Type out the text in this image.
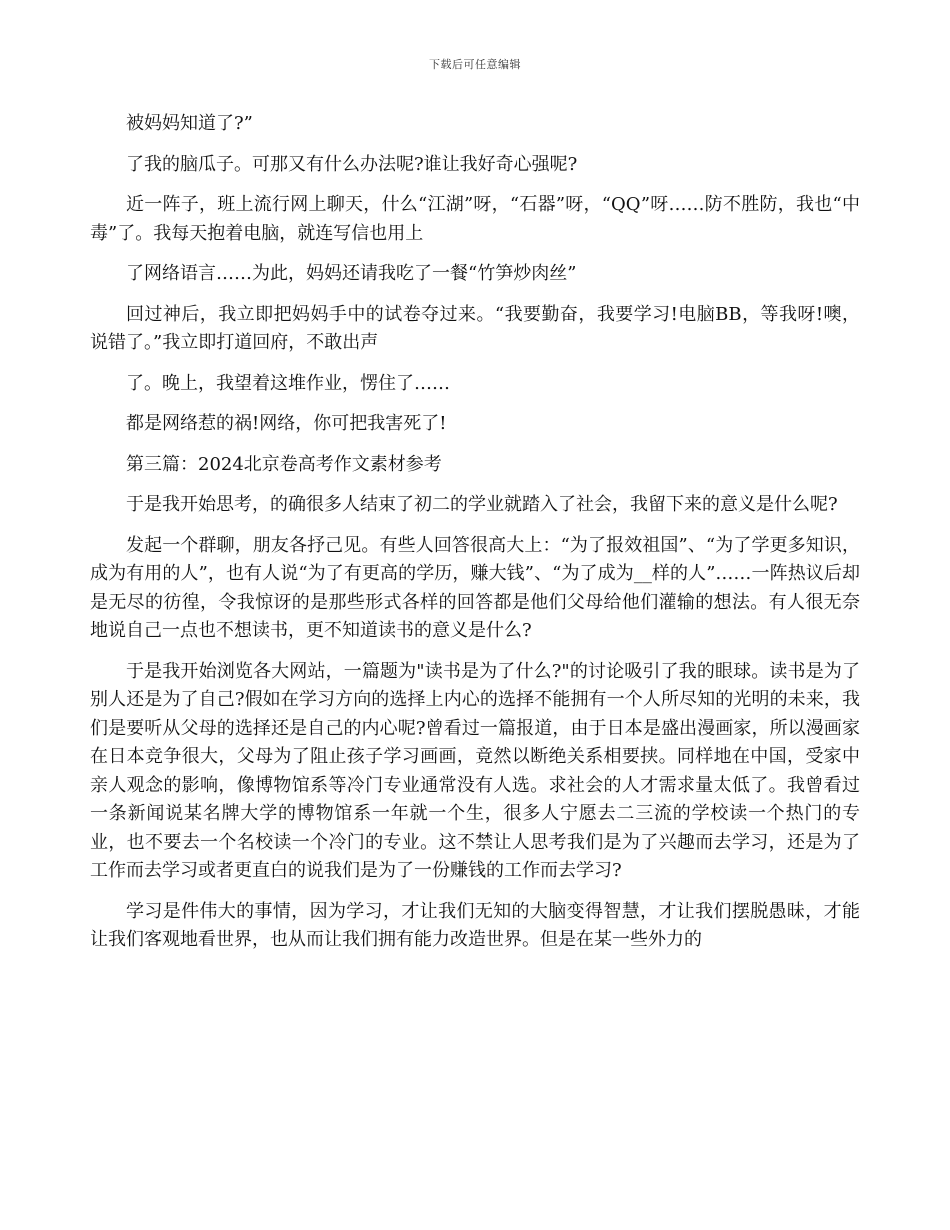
下载后可任意编辑

被妈妈知道了?”

了我的脑瓜子。可那又有什么办法呢?谁让我好奇心强呢?

近一阵子，班上流行网上聊天，什么“江湖”呀，“石器”呀，“QQ”呀……防不胜防，我也“中毒”了。我每天抱着电脑，就连写信也用上

了网络语言……为此，妈妈还请我吃了一餐“竹笋炒肉丝”

回过神后，我立即把妈妈手中的试卷夺过来。“我要勤奋，我要学习!电脑BB，等我呀!噢，说错了。”我立即打道回府，不敢出声

了。晚上，我望着这堆作业，愣住了……

都是网络惹的祸!网络，你可把我害死了!

第三篇：2024北京卷高考作文素材参考

于是我开始思考，的确很多人结束了初二的学业就踏入了社会，我留下来的意义是什么呢?

发起一个群聊，朋友各抒己见。有些人回答很高大上：“为了报效祖国”、“为了学更多知识，成为有用的人”，也有人说“为了有更高的学历，赚大钱”、“为了成为__样的人”……一阵热议后却是无尽的彷徨，令我惊讶的是那些形式各样的回答都是他们父母给他们灌输的想法。有人很无奈地说自己一点也不想读书，更不知道读书的意义是什么?

于是我开始浏览各大网站，一篇题为"读书是为了什么?"的讨论吸引了我的眼球。读书是为了别人还是为了自己?假如在学习方向的选择上内心的选择不能拥有一个人所尽知的光明的未来，我们是要听从父母的选择还是自己的内心呢?曾看过一篇报道，由于日本是盛出漫画家，所以漫画家在日本竞争很大，父母为了阻止孩子学习画画，竟然以断绝关系相要挟。同样地在中国，受家中亲人观念的影响，像博物馆系等冷门专业通常没有人选。求社会的人才需求量太低了。我曾看过一条新闻说某名牌大学的博物馆系一年就一个生，很多人宁愿去二三流的学校读一个热门的专业，也不要去一个名校读一个冷门的专业。这不禁让人思考我们是为了兴趣而去学习，还是为了工作而去学习或者更直白的说我们是为了一份赚钱的工作而去学习?

学习是件伟大的事情，因为学习，才让我们无知的大脑变得智慧，才让我们摆脱愚昧，才能让我们客观地看世界，也从而让我们拥有能力改造世界。但是在某一些外力的
